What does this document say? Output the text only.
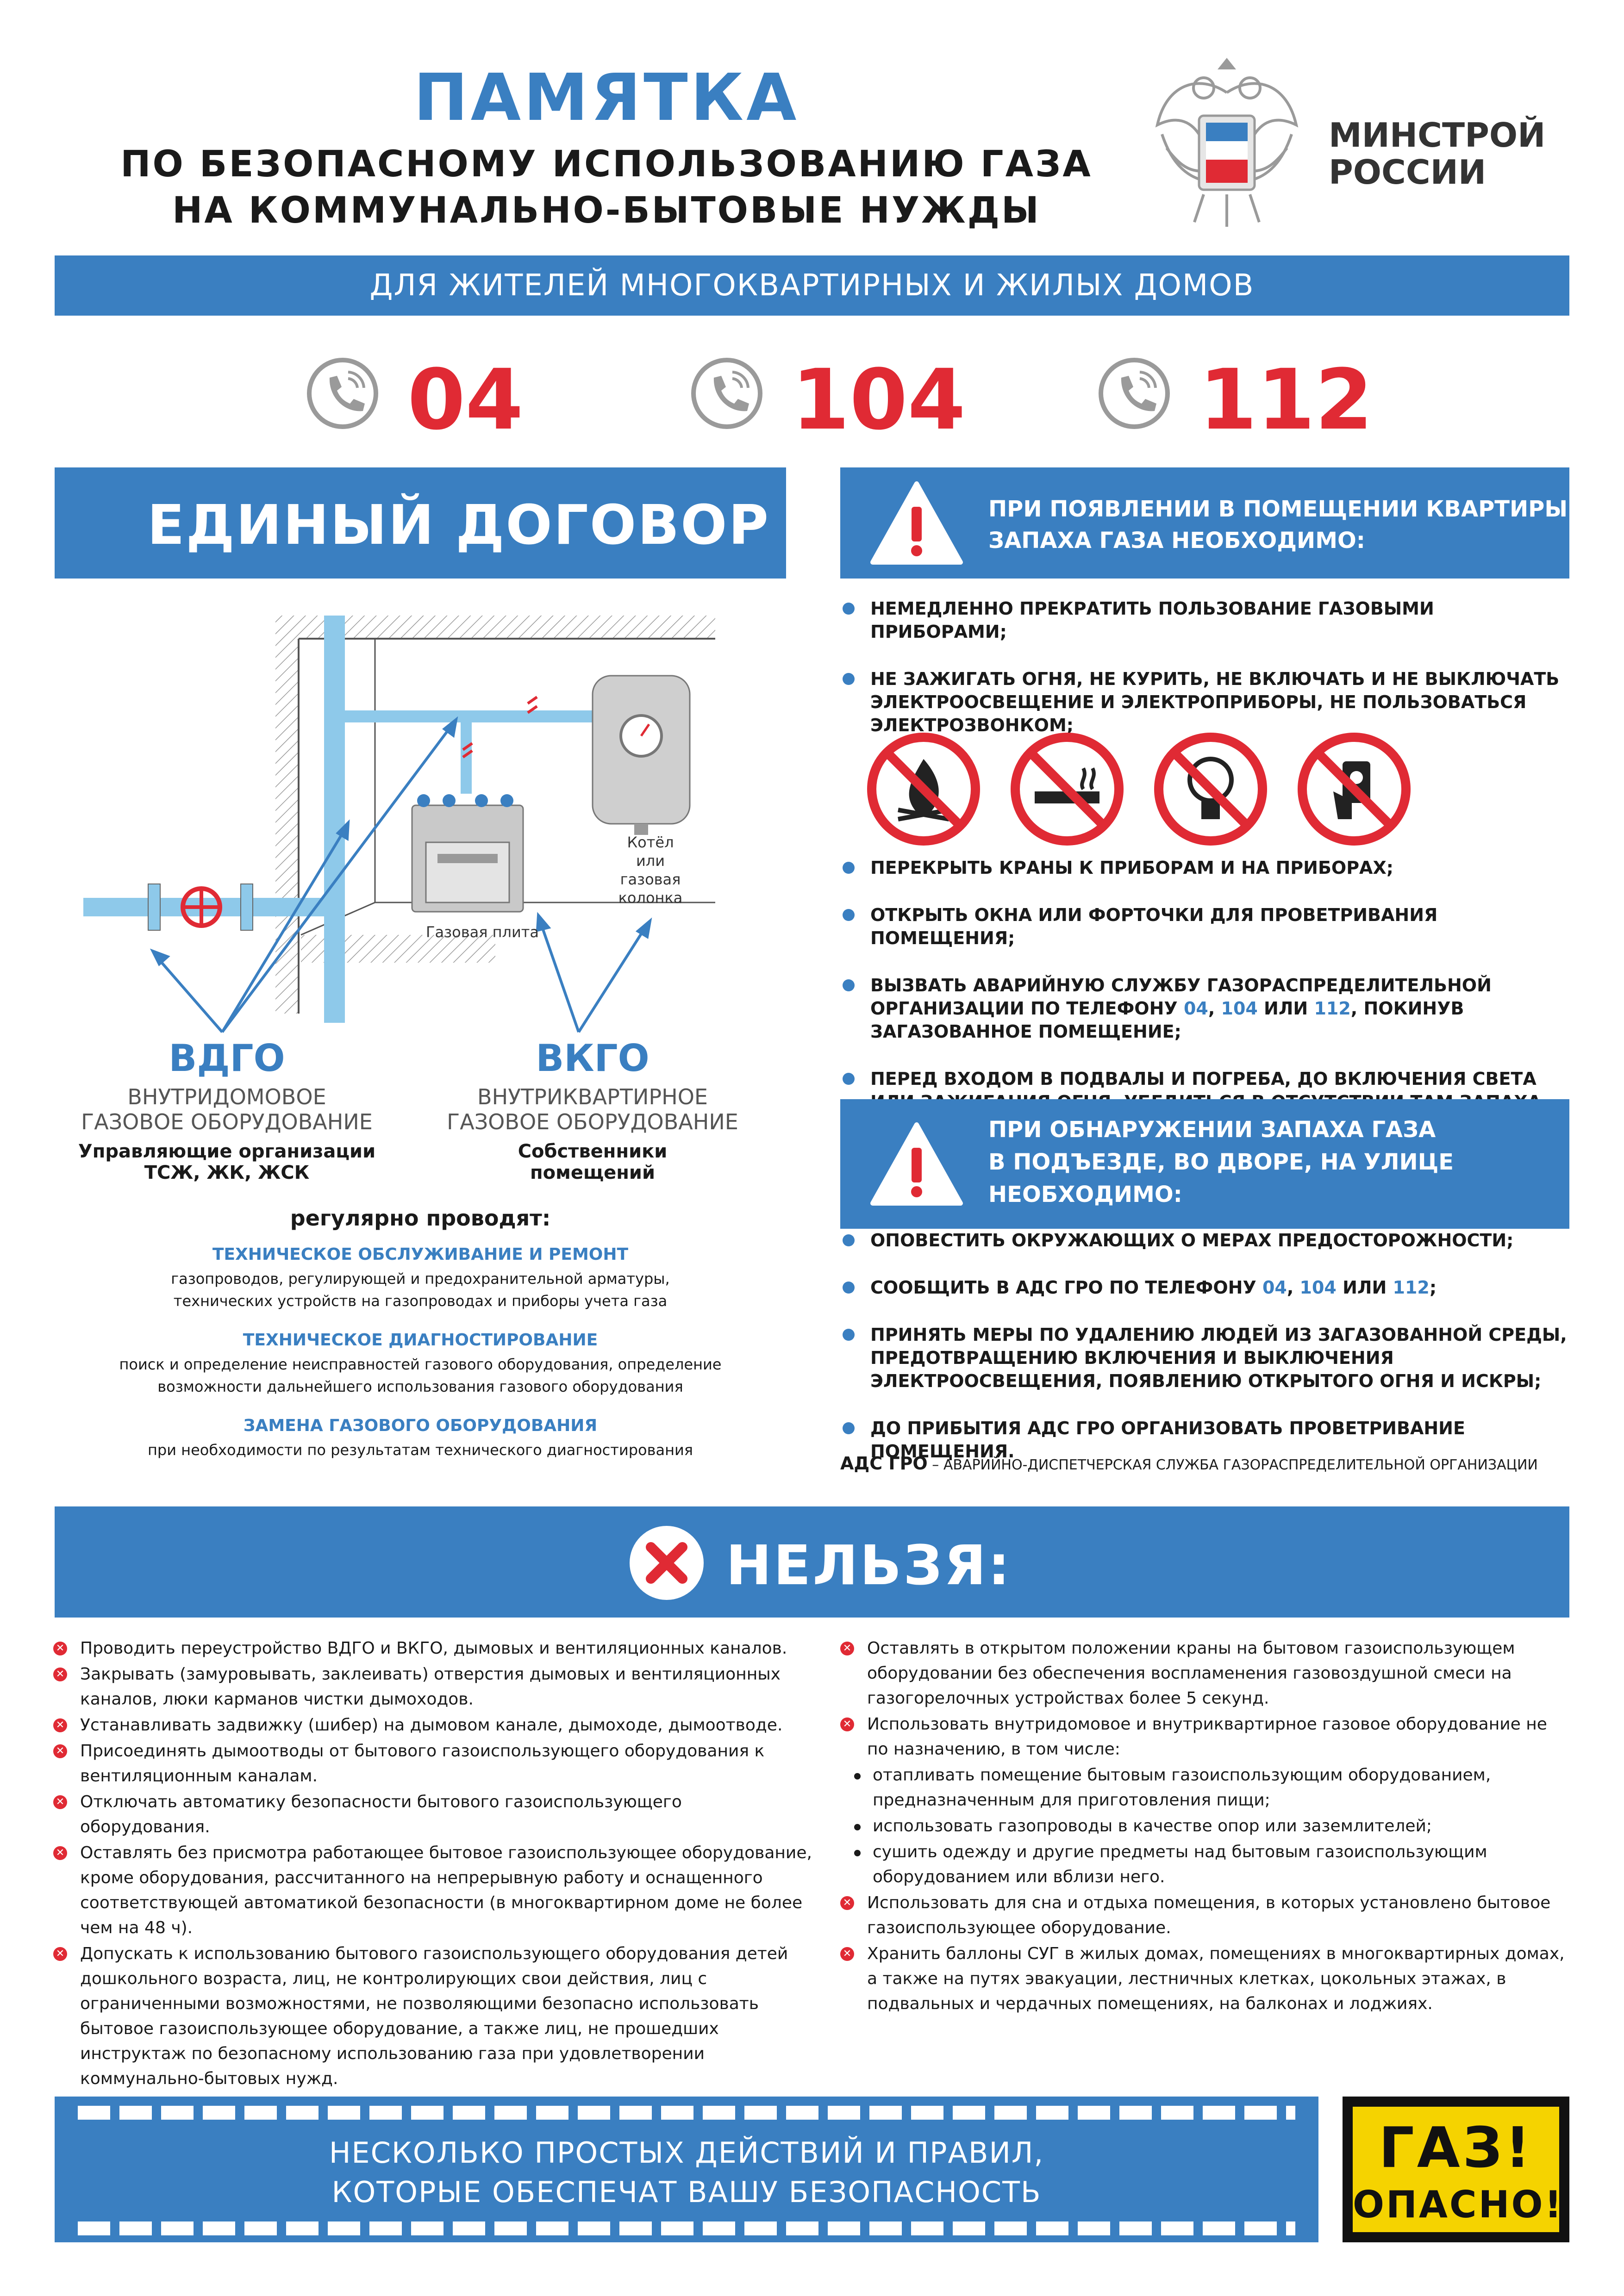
ПАМЯТКА
ПО БЕЗОПАСНОМУ ИСПОЛЬЗОВАНИЮ ГАЗА
НА КОММУНАЛЬНО-БЫТОВЫЕ НУЖДЫ
МИНСТРОЙ
РОССИИ
ДЛЯ ЖИТЕЛЕЙ МНОГОКВАРТИРНЫХ И ЖИЛЫХ ДОМОВ
04	104	112
ЕДИНЫЙ ДОГОВОР
Газовая плита
Котёл
или
газовая
колонка
ВДГО
ВНУТРИДОМОВОЕ
ГАЗОВОЕ ОБОРУДОВАНИЕ
Управляющие организации
ТСЖ, ЖК, ЖСК
ВКГО
ВНУТРИКВАРТИРНОЕ
ГАЗОВОЕ ОБОРУДОВАНИЕ
Собственники
помещений
регулярно проводят:
ТЕХНИЧЕСКОЕ ОБСЛУЖИВАНИЕ И РЕМОНТ
газопроводов, регулирующей и предохранительной арматуры,
технических устройств на газопроводах и приборы учета газа
ТЕХНИЧЕСКОЕ ДИАГНОСТИРОВАНИЕ
поиск и определение неисправностей газового оборудования, определение
возможности дальнейшего использования газового оборудования
ЗАМЕНА ГАЗОВОГО ОБОРУДОВАНИЯ
при необходимости по результатам технического диагностирования
ПРИ ПОЯВЛЕНИИ В ПОМЕЩЕНИИ КВАРТИРЫ
ЗАПАХА ГАЗА НЕОБХОДИМО:
НЕМЕДЛЕННО ПРЕКРАТИТЬ ПОЛЬЗОВАНИЕ ГАЗОВЫМИ ПРИБОРАМИ;
НЕ ЗАЖИГАТЬ ОГНЯ, НЕ КУРИТЬ, НЕ ВКЛЮЧАТЬ И НЕ ВЫКЛЮЧАТЬ ЭЛЕКТРООСВЕЩЕНИЕ И ЭЛЕКТРОПРИБОРЫ, НЕ ПОЛЬЗОВАТЬСЯ ЭЛЕКТРОЗВОНКОМ;
ПЕРЕКРЫТЬ КРАНЫ К ПРИБОРАМ И НА ПРИБОРАХ;
ОТКРЫТЬ ОКНА ИЛИ ФОРТОЧКИ ДЛЯ ПРОВЕТРИВАНИЯ ПОМЕЩЕНИЯ;
ВЫЗВАТЬ АВАРИЙНУЮ СЛУЖБУ ГАЗОРАСПРЕДЕЛИТЕЛЬНОЙ ОРГАНИЗАЦИИ ПО ТЕЛЕФОНУ 04, 104 ИЛИ 112, ПОКИНУВ ЗАГАЗОВАННОЕ ПОМЕЩЕНИЕ;
ПЕРЕД ВХОДОМ В ПОДВАЛЫ И ПОГРЕБА, ДО ВКЛЮЧЕНИЯ СВЕТА
ПРИ ОБНАРУЖЕНИИ ЗАПАХА ГАЗА
В ПОДЪЕЗДЕ, ВО ДВОРЕ, НА УЛИЦЕ
НЕОБХОДИМО:
ОПОВЕСТИТЬ ОКРУЖАЮЩИХ О МЕРАХ ПРЕДОСТОРОЖНОСТИ;
СООБЩИТЬ В АДС ГРО ПО ТЕЛЕФОНУ 04, 104 ИЛИ 112;
ПРИНЯТЬ МЕРЫ ПО УДАЛЕНИЮ ЛЮДЕЙ ИЗ ЗАГАЗОВАННОЙ СРЕДЫ, ПРЕДОТВРАЩЕНИЮ ВКЛЮЧЕНИЯ И ВЫКЛЮЧЕНИЯ ЭЛЕКТРООСВЕЩЕНИЯ, ПОЯВЛЕНИЮ ОТКРЫТОГО ОГНЯ И ИСКРЫ;
ДО ПРИБЫТИЯ АДС ГРО ОРГАНИЗОВАТЬ ПРОВЕТРИВАНИЕ ПОМЕЩЕНИЯ.
АДС ГРО – АВАРИЙНО-ДИСПЕТЧЕРСКАЯ СЛУЖБА ГАЗОРАСПРЕДЕЛИТЕЛЬНОЙ ОРГАНИЗАЦИИ
НЕЛЬЗЯ:
✕ Проводить переустройство ВДГО и ВКГО, дымовых и вентиляционных каналов.
✕ Закрывать (замуровывать, заклеивать) отверстия дымовых и вентиляционных каналов, люки карманов чистки дымоходов.
✕ Устанавливать задвижку (шибер) на дымовом канале, дымоходе, дымоотводе.
✕ Присоединять дымоотводы от бытового газоиспользующего оборудования к вентиляционным каналам.
✕ Отключать автоматику безопасности бытового газоиспользующего оборудования.
✕ Оставлять без присмотра работающее бытовое газоиспользующее оборудование, кроме оборудования, рассчитанного на непрерывную работу и оснащенного соответствующей автоматикой безопасности (в многоквартирном доме не более чем на 48 ч).
✕ Допускать к использованию бытового газоиспользующего оборудования детей дошкольного возраста, лиц, не контролирующих свои действия, лиц с ограниченными возможностями, не позволяющими безопасно использовать бытовое газоиспользующее оборудование, а также лиц, не прошедших инструктаж по безопасному использованию газа при удовлетворении коммунально-бытовых нужд.
✕ Оставлять в открытом положении краны на бытовом газоиспользующем оборудовании без обеспечения воспламенения газовоздушной смеси на газогорелочных устройствах более 5 секунд.
✕ Использовать внутридомовое и внутриквартирное газовое оборудование не по назначению, в том числе:
отапливать помещение бытовым газоиспользующим оборудованием, предназначенным для приготовления пищи;
использовать газопроводы в качестве опор или заземлителей;
сушить одежду и другие предметы над бытовым газоиспользующим оборудованием или вблизи него.
✕ Использовать для сна и отдыха помещения, в которых установлено бытовое газоиспользующее оборудование.
✕ Хранить баллоны СУГ в жилых домах, помещениях в многоквартирных домах, а также на путях эвакуации, лестничных клетках, цокольных этажах, в подвальных и чердачных помещениях, на балконах и лоджиях.
НЕСКОЛЬКО ПРОСТЫХ ДЕЙСТВИЙ И ПРАВИЛ,
КОТОРЫЕ ОБЕСПЕЧАТ ВАШУ БЕЗОПАСНОСТЬ
ГАЗ!
ОПАСНО!
